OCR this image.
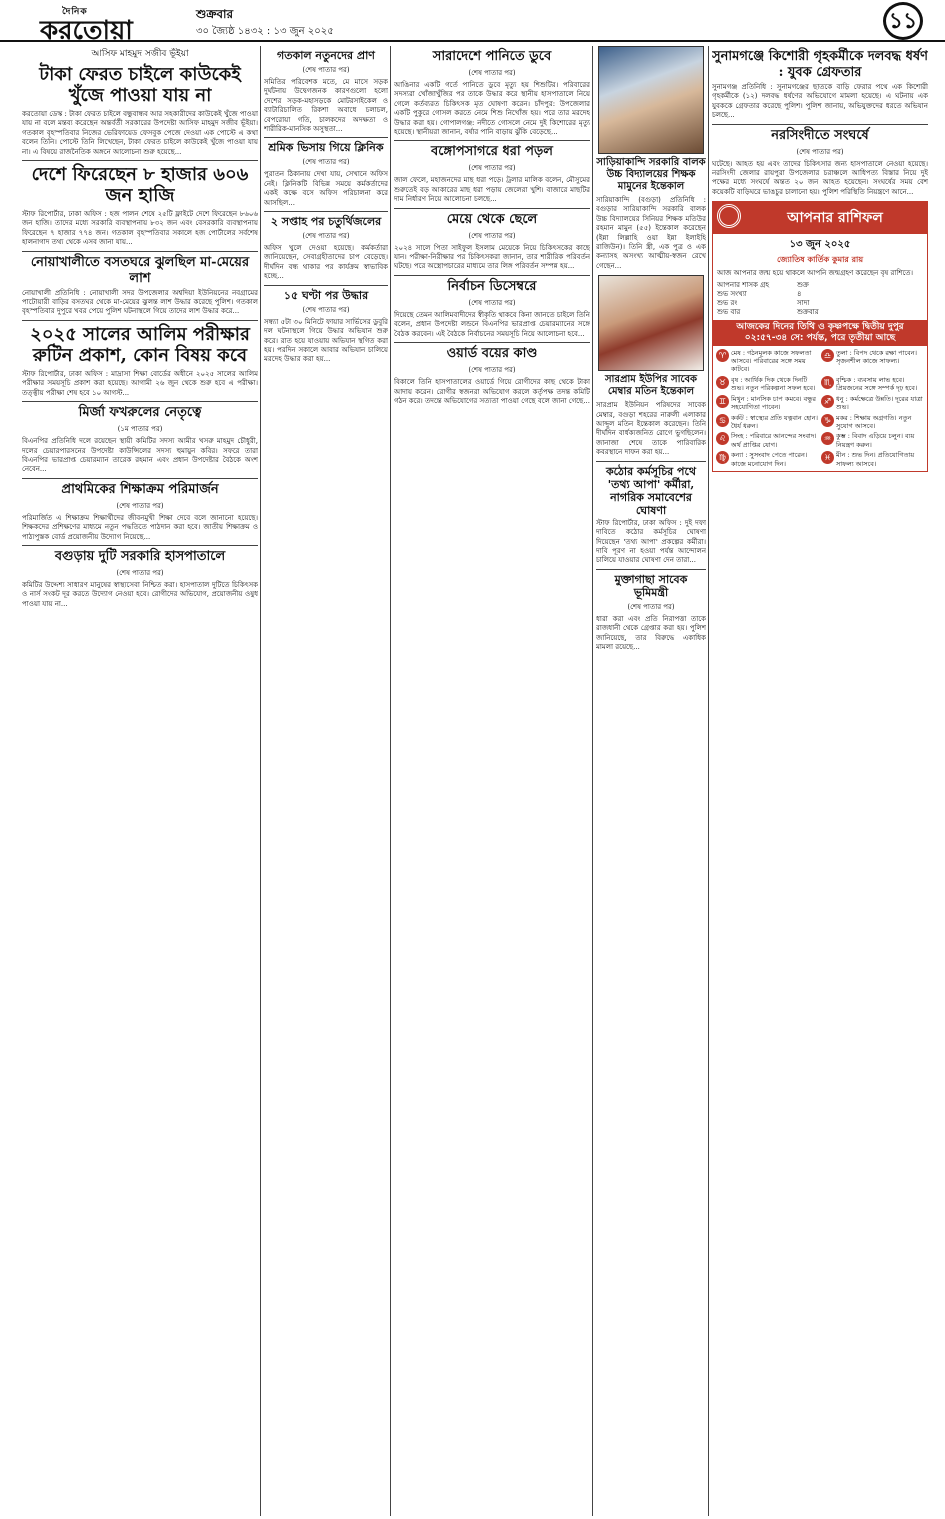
দৈনিক
করতোয়া
শুক্রবার
৩০ জ্যৈষ্ঠ ১৪৩২ : ১৩ জুন ২০২৫	১১
আসিফ মাহমুদ সজীব ভূঁইয়া
টাকা ফেরত চাইলে কাউকেই খুঁজে পাওয়া যায় না
করতোয়া ডেস্ক : টাকা ফেরত চাইলে বন্ধুবান্ধব আর সহকারীদের কাউকেই খুঁজে পাওয়া যায় না বলে মন্তব্য করেছেন অন্তর্বর্তী সরকারের উপদেষ্টা আসিফ মাহমুদ সজীব ভূঁইয়া। গতকাল বৃহস্পতিবার নিজের ভেরিফায়েড ফেসবুক পেজে দেওয়া এক পোস্টে এ কথা বলেন তিনি। পোস্টে তিনি লিখেছেন, টাকা ফেরত চাইলে কাউকেই খুঁজে পাওয়া যায় না। এ বিষয়ে রাজনৈতিক অঙ্গনে আলোচনা শুরু হয়েছে...
দেশে ফিরেছেন ৮ হাজার ৬০৬ জন হাজি
স্টাফ রিপোর্টার, ঢাকা অফিস : হজ পালন শেষে ২৫টি ফ্লাইটে দেশে ফিরেছেন ৮৬০৬ জন হাজি। তাদের মধ্যে সরকারি ব্যবস্থাপনায় ৮৩২ জন এবং বেসরকারি ব্যবস্থাপনায় ফিরেছেন ৭ হাজার ৭৭৪ জন। গতকাল বৃহস্পতিবার সকালে হজ পোর্টালের সর্বশেষ হালনাগাদ তথ্য থেকে এসব জানা যায়...
নোয়াখালীতে বসতঘরে ঝুলছিল মা-মেয়ের লাশ
নোয়াখালী প্রতিনিধি : নোয়াখালী সদর উপজেলার অশ্বদিয়া ইউনিয়নের নবগ্রামের পাটোয়ারী বাড়ির বসতঘর থেকে মা-মেয়ের ঝুলন্ত লাশ উদ্ধার করেছে পুলিশ। গতকাল বৃহস্পতিবার দুপুরে খবর পেয়ে পুলিশ ঘটনাস্থলে গিয়ে তাদের লাশ উদ্ধার করে...
২০২৫ সালের আলিম পরীক্ষার রুটিন প্রকাশ, কোন বিষয় কবে
স্টাফ রিপোর্টার, ঢাকা অফিস : মাদ্রাসা শিক্ষা বোর্ডের অধীনে ২০২৫ সালের আলিম পরীক্ষার সময়সূচি প্রকাশ করা হয়েছে। আগামী ২৬ জুন থেকে শুরু হবে এ পরীক্ষা। তত্ত্বীয় পরীক্ষা শেষ হবে ১০ আগস্ট...
মির্জা ফখরুলের নেতৃত্বে
(১ম পাতার পর)
বিএনপির প্রতিনিধি দলে রয়েছেন স্থায়ী কমিটির সদস্য আমীর খসরু মাহমুদ চৌধুরী, দলের চেয়ারপারসনের উপদেষ্টা কাউন্সিলের সদস্য হুমায়ুন কবির। সফরে তারা বিএনপির ভারপ্রাপ্ত চেয়ারম্যান তারেক রহমান এবং প্রধান উপদেষ্টার বৈঠকে অংশ নেবেন...
প্রাথমিকের শিক্ষাক্রম পরিমার্জন
(শেষ পাতার পর)
পরিমার্জিত এ শিক্ষাক্রম শিক্ষার্থীদের জীবনমুখী শিক্ষা দেবে বলে জানানো হয়েছে। শিক্ষকদের প্রশিক্ষণের মাধ্যমে নতুন পদ্ধতিতে পাঠদান করা হবে। জাতীয় শিক্ষাক্রম ও পাঠ্যপুস্তক বোর্ড প্রয়োজনীয় উদ্যোগ নিয়েছে...
বগুড়ায় দুটি সরকারি হাসপাতালে
(শেষ পাতার পর)
কমিটির উদ্দেশ্য সাধারণ মানুষের স্বাস্থ্যসেবা নিশ্চিত করা। হাসপাতাল দুটিতে চিকিৎসক ও নার্স সংকট দূর করতে উদ্যোগ নেওয়া হবে। রোগীদের অভিযোগ, প্রয়োজনীয় ওষুধ পাওয়া যায় না...
গতকাল নতুনদের প্রাণ
(শেষ পাতার পর)
সমিতির পরিবেশক মতে, মে মাসে সড়ক দুর্ঘটনায় উদ্বেগজনক কারণগুলো হলো দেশের সড়ক-মহাসড়কে মোটরসাইকেল ও ব্যাটারিচালিত রিকশা অবাধে চলাচল, বেপরোয়া গতি, চালকদের অদক্ষতা ও শারীরিক-মানসিক অসুস্থতা...
শ্রমিক ভিসায় গিয়ে ক্লিনিক
(শেষ পাতার পর)
পুরাতন ঠিকানায় দেখা যায়, সেখানে অফিস নেই। ক্লিনিকটি বিভিন্ন সময়ে কর্মকর্তাদের একই কক্ষে বসে অফিস পরিচালনা করে আসছিল...
২ সপ্তাহ পর চতুর্থিজলের
(শেষ পাতার পর)
অফিস খুলে দেওয়া হয়েছে। কর্মকর্তারা জানিয়েছেন, সেবাগ্রহীতাদের চাপ বেড়েছে। দীর্ঘদিন বন্ধ থাকার পর কার্যক্রম স্বাভাবিক হচ্ছে...
১৫ ঘণ্টা পর উদ্ধার
(শেষ পাতার পর)
সন্ধ্যা ৫টা ৩০ মিনিটে ফায়ার সার্ভিসের ডুবুরি দল ঘটনাস্থলে গিয়ে উদ্ধার অভিযান শুরু করে। রাত হয়ে যাওয়ায় অভিযান স্থগিত করা হয়। পরদিন সকালে আবার অভিযান চালিয়ে মরদেহ উদ্ধার করা হয়...
সারাদেশে পানিতে ডুবে
(শেষ পাতার পর)
আঙিনার একটি গর্তে পানিতে ডুবে মৃত্যু হয় শিশুটির। পরিবারের সদস্যরা খোঁজাখুঁজির পর তাকে উদ্ধার করে স্থানীয় হাসপাতালে নিয়ে গেলে কর্তব্যরত চিকিৎসক মৃত ঘোষণা করেন। চাঁদপুর: উপজেলার একটি পুকুরে গোসল করতে নেমে শিশু নিখোঁজ হয়। পরে তার মরদেহ উদ্ধার করা হয়। গোপালগঞ্জ: নদীতে গোসলে নেমে দুই কিশোরের মৃত্যু হয়েছে। স্থানীয়রা জানান, বর্ষার পানি বাড়ায় ঝুঁকি বেড়েছে...
বঙ্গোপসাগরে ধরা পড়ল
(শেষ পাতার পর)
জাল ফেলে, মহাজনদের মাছ ধরা পড়ে। ট্রলার মালিক বলেন, মৌসুমের শুরুতেই বড় আকারের মাছ ধরা পড়ায় জেলেরা খুশি। বাজারে মাছটির দাম নির্ধারণ নিয়ে আলোচনা চলছে...
মেয়ে থেকে ছেলে
(শেষ পাতার পর)
২০২৪ সালে পিতা সাইফুল ইসলাম মেয়েকে নিয়ে চিকিৎসকের কাছে যান। পরীক্ষা-নিরীক্ষার পর চিকিৎসকরা জানান, তার শারীরিক পরিবর্তন ঘটছে। পরে অস্ত্রোপচারের মাধ্যমে তার লিঙ্গ পরিবর্তন সম্পন্ন হয়...
নির্বাচন ডিসেম্বরে
(শেষ পাতার পর)
দিয়েছে তেমন আলিমবাদীদের স্বীকৃতি থাকবে কিনা জানতে চাইলে তিনি বলেন, প্রধান উপদেষ্টা লন্ডনে বিএনপির ভারপ্রাপ্ত চেয়ারম্যানের সঙ্গে বৈঠক করবেন। এই বৈঠকে নির্বাচনের সময়সূচি নিয়ে আলোচনা হবে...
ওয়ার্ড বয়ের কাণ্ড
(শেষ পাতার পর)
বিকালে তিনি হাসপাতালের ওয়ার্ডে গিয়ে রোগীদের কাছ থেকে টাকা আদায় করেন। রোগীর স্বজনরা অভিযোগ করলে কর্তৃপক্ষ তদন্ত কমিটি গঠন করে। তদন্তে অভিযোগের সত্যতা পাওয়া গেছে বলে জানা গেছে...
সাড়িয়াকান্দি সরকারি বালক উচ্চ বিদ্যালয়ের শিক্ষক মামুনের ইন্তেকাল
সারিয়াকান্দি (বগুড়া) প্রতিনিধি : বগুড়ার সারিয়াকান্দি সরকারি বালক উচ্চ বিদ্যালয়ের সিনিয়র শিক্ষক মতিউর রহমান মামুন (৫৫) ইন্তেকাল করেছেন (ইন্না লিল্লাহি ওয়া ইন্না ইলাইহি রাজিউন)। তিনি স্ত্রী, এক পুত্র ও এক কন্যাসহ অসংখ্য আত্মীয়-স্বজন রেখে গেছেন...
সারপ্রাম ইউপির সাবেক মেম্বার মতিন ইন্তেকাল
সারপ্রাম ইউনিয়ন পরিষদের সাবেক মেম্বার, বগুড়া শহরের নারুলী এলাকার আব্দুল মতিন ইন্তেকাল করেছেন। তিনি দীর্ঘদিন বার্ধক্যজনিত রোগে ভুগছিলেন। জানাজা শেষে তাকে পারিবারিক কবরস্থানে দাফন করা হয়...
কঠোর কর্মসূচির পথে 'তথ্য আপা' কর্মীরা, নাগরিক সমাবেশের ঘোষণা
স্টাফ রিপোর্টার, ঢাকা অফিস : দুই দফা দাবিতে কঠোর কর্মসূচির ঘোষণা দিয়েছেন 'তথ্য আপা' প্রকল্পের কর্মীরা। দাবি পূরণ না হওয়া পর্যন্ত আন্দোলন চালিয়ে যাওয়ার ঘোষণা দেন তারা...
মুক্তাগাছা সাবেক ভূমিমন্ত্রী
(শেষ পাতার পর)
ধারা করা এবং প্রতি নিরাপত্তা তাকে রাজধানী থেকে গ্রেপ্তার করা হয়। পুলিশ জানিয়েছে, তার বিরুদ্ধে একাধিক মামলা রয়েছে...
সুনামগঞ্জে কিশোরী গৃহকর্মীকে দলবদ্ধ ধর্ষণ : যুবক গ্রেফতার
সুনামগঞ্জ প্রতিনিধি : সুনামগঞ্জের ছাতকে বাড়ি ফেরার পথে এক কিশোরী গৃহকর্মীকে (১২) দলবদ্ধ ধর্ষণের অভিযোগে মামলা হয়েছে। এ ঘটনায় এক যুবককে গ্রেফতার করেছে পুলিশ। পুলিশ জানায়, অভিযুক্তদের ধরতে অভিযান চলছে...
নরসিংদীতে সংঘর্ষে
(শেষ পাতার পর)
ঘটেছে। আহত হয় এবং তাদের চিকিৎসার জন্য হাসপাতালে নেওয়া হয়েছে। নরসিংদী জেলার রায়পুরা উপজেলার চরাঞ্চলে আধিপত্য বিস্তার নিয়ে দুই পক্ষের মধ্যে সংঘর্ষে অন্তত ২০ জন আহত হয়েছেন। সংঘর্ষের সময় বেশ কয়েকটি বাড়িঘরে ভাঙচুর চালানো হয়। পুলিশ পরিস্থিতি নিয়ন্ত্রণে আনে...
আপনার রাশিফল
১৩ জুন ২০২৫
জ্যোতিষ কার্তিক কুমার রায়
আজ আপনার জন্ম হয়ে থাকলে আপনি জন্মগ্রহণ করেছেন বৃষ রাশিতে।
আপনার শাসক গ্রহ	শুক্র
শুভ সংখ্যা	৪
শুভ রং	সাদা
শুভ বার	শুক্রবার
আজকের দিনের তিথি ও কৃষ্ণপক্ষে দ্বিতীয় দুপুর ০২:৫৭-৩৪ সে: পর্যন্ত, পরে তৃতীয়া আছে
♈ মেষ : গঠনমূলক কাজে সফলতা আসবে। পরিবারের সঙ্গে সময় কাটবে।
♎ তুলা : বিপদ থেকে রক্ষা পাবেন। সৃজনশীল কাজে সাফল্য।
♉ বৃষ : আর্থিক দিক থেকে দিনটি শুভ। নতুন পরিকল্পনা সফল হবে।
♏ বৃশ্চিক : ব্যবসায় লাভ হবে। প্রিয়জনের সঙ্গে সম্পর্ক দৃঢ় হবে।
♊ মিথুন : মানসিক চাপ কমবে। বন্ধুর সহযোগিতা পাবেন।
♐ ধনু : কর্মক্ষেত্রে উন্নতি। দূরের যাত্রা শুভ।
♋ কর্কট : স্বাস্থ্যের প্রতি যত্নবান হোন। ধৈর্য ধরুন।
♑ মকর : শিক্ষায় অগ্রগতি। নতুন সুযোগ আসবে।
♌ সিংহ : পরিবারে আনন্দের সংবাদ। অর্থ প্রাপ্তির যোগ।
♒ কুম্ভ : বিবাদ এড়িয়ে চলুন। ব্যয় নিয়ন্ত্রণ করুন।
♍ কন্যা : সুসংবাদ পেতে পারেন। কাজে মনোযোগ দিন।
♓ মীন : শুভ দিন। প্রতিযোগিতায় সাফল্য আসবে।
